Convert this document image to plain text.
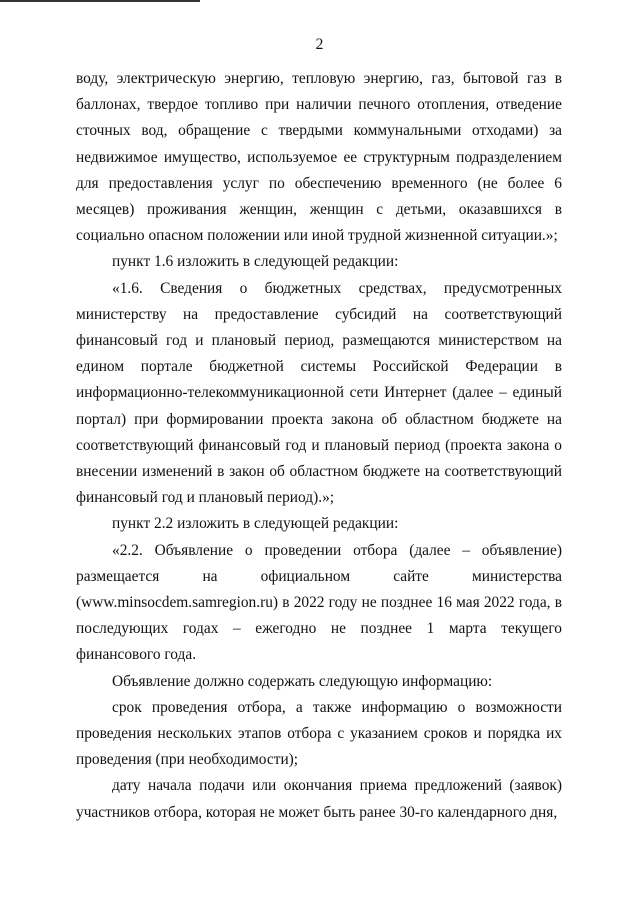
2

воду, электрическую энергию, тепловую энергию, газ, бытовой газ в баллонах, твердое топливо при наличии печного отопления, отведение сточных вод, обращение с твердыми коммунальными отходами) за недвижимое имущество, используемое ее структурным подразделением для предоставления услуг по обеспечению временного (не более 6 месяцев) проживания женщин, женщин с детьми, оказавшихся в социально опасном положении или иной трудной жизненной ситуации.»;

пункт 1.6 изложить в следующей редакции:

«1.6. Сведения о бюджетных средствах, предусмотренных министерству на предоставление субсидий на соответствующий финансовый год и плановый период, размещаются министерством на едином портале бюджетной системы Российской Федерации в информационно-телекоммуникационной сети Интернет (далее – единый портал) при формировании проекта закона об областном бюджете на соответствующий финансовый год и плановый период (проекта закона о внесении изменений в закон об областном бюджете на соответствующий финансовый год и плановый период).»;

пункт 2.2 изложить в следующей редакции:

«2.2. Объявление о проведении отбора (далее – объявление) размещается на официальном сайте министерства (www.minsocdem.samregion.ru) в 2022 году не позднее 16 мая 2022 года, в последующих годах – ежегодно не позднее 1 марта текущего финансового года.

Объявление должно содержать следующую информацию:

срок проведения отбора, а также информацию о возможности проведения нескольких этапов отбора с указанием сроков и порядка их проведения (при необходимости);

дату начала подачи или окончания приема предложений (заявок) участников отбора, которая не может быть ранее 30-го календарного дня,
